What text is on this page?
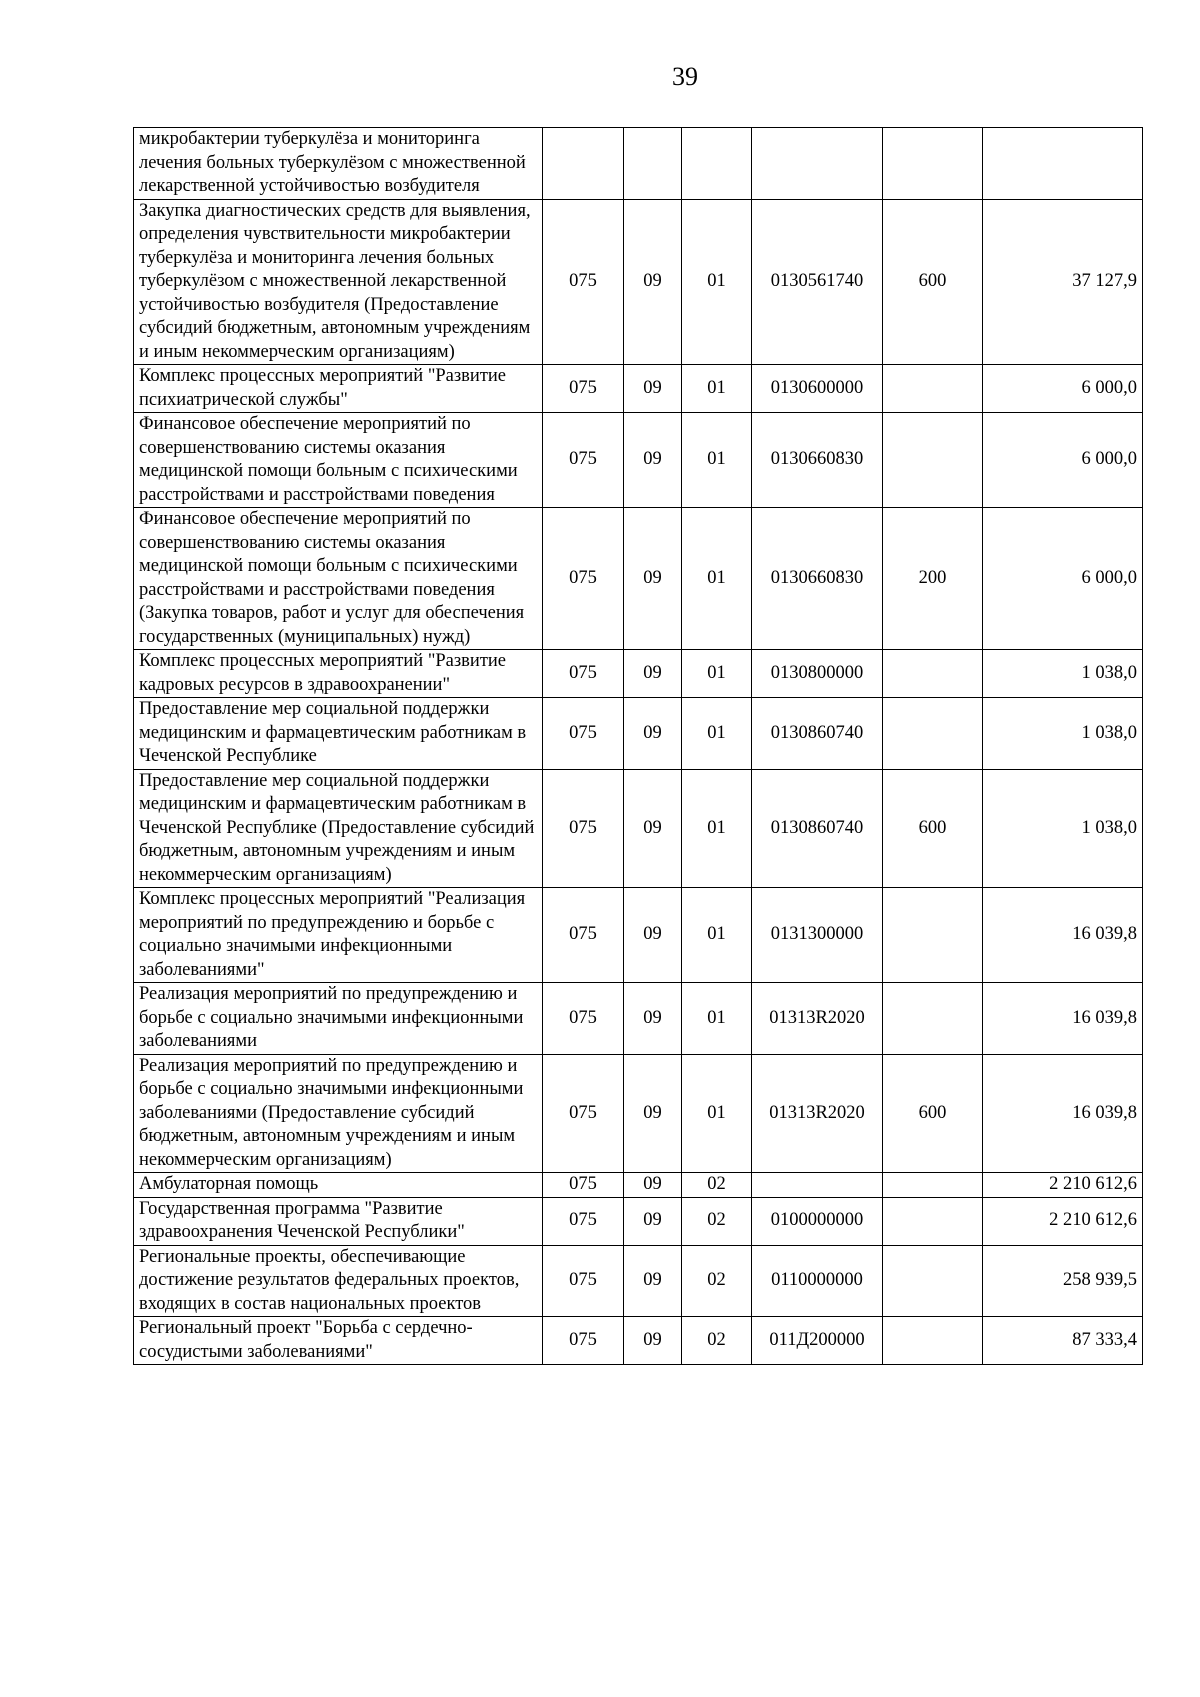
39
микробактерии туберкулёза и мониторинга лечения больных туберкулёзом с множественной лекарственной устойчивостью возбудителя						
Закупка диагностических средств для выявления, определения чувствительности микробактерии туберкулёза и мониторинга лечения больных туберкулёзом с множественной лекарственной устойчивостью возбудителя (Предоставление субсидий бюджетным, автономным учреждениям и иным некоммерческим организациям)	075	09	01	0130561740	600	37 127,9
Комплекс процессных мероприятий "Развитие психиатрической службы"	075	09	01	0130600000		6 000,0
Финансовое обеспечение мероприятий по совершенствованию системы оказания медицинской помощи больным с психическими расстройствами и расстройствами поведения	075	09	01	0130660830		6 000,0
Финансовое обеспечение мероприятий по совершенствованию системы оказания медицинской помощи больным с психическими расстройствами и расстройствами поведения (Закупка товаров, работ и услуг для обеспечения государственных (муниципальных) нужд)	075	09	01	0130660830	200	6 000,0
Комплекс процессных мероприятий "Развитие кадровых ресурсов в здравоохранении"	075	09	01	0130800000		1 038,0
Предоставление мер социальной поддержки медицинским и фармацевтическим работникам в Чеченской Республике	075	09	01	0130860740		1 038,0
Предоставление мер социальной поддержки медицинским и фармацевтическим работникам в Чеченской Республике (Предоставление субсидий бюджетным, автономным учреждениям и иным некоммерческим организациям)	075	09	01	0130860740	600	1 038,0
Комплекс процессных мероприятий "Реализация мероприятий по предупреждению и борьбе с социально значимыми инфекционными заболеваниями"	075	09	01	0131300000		16 039,8
Реализация мероприятий по предупреждению и борьбе с социально значимыми инфекционными заболеваниями	075	09	01	01313R2020		16 039,8
Реализация мероприятий по предупреждению и борьбе с социально значимыми инфекционными заболеваниями (Предоставление субсидий бюджетным, автономным учреждениям и иным некоммерческим организациям)	075	09	01	01313R2020	600	16 039,8
Амбулаторная помощь	075	09	02			2 210 612,6
Государственная программа "Развитие здравоохранения Чеченской Республики"	075	09	02	0100000000		2 210 612,6
Региональные проекты, обеспечивающие достижение результатов федеральных проектов, входящих в состав национальных проектов	075	09	02	0110000000		258 939,5
Региональный проект "Борьба с сердечно-сосудистыми заболеваниями"	075	09	02	011Д200000		87 333,4
